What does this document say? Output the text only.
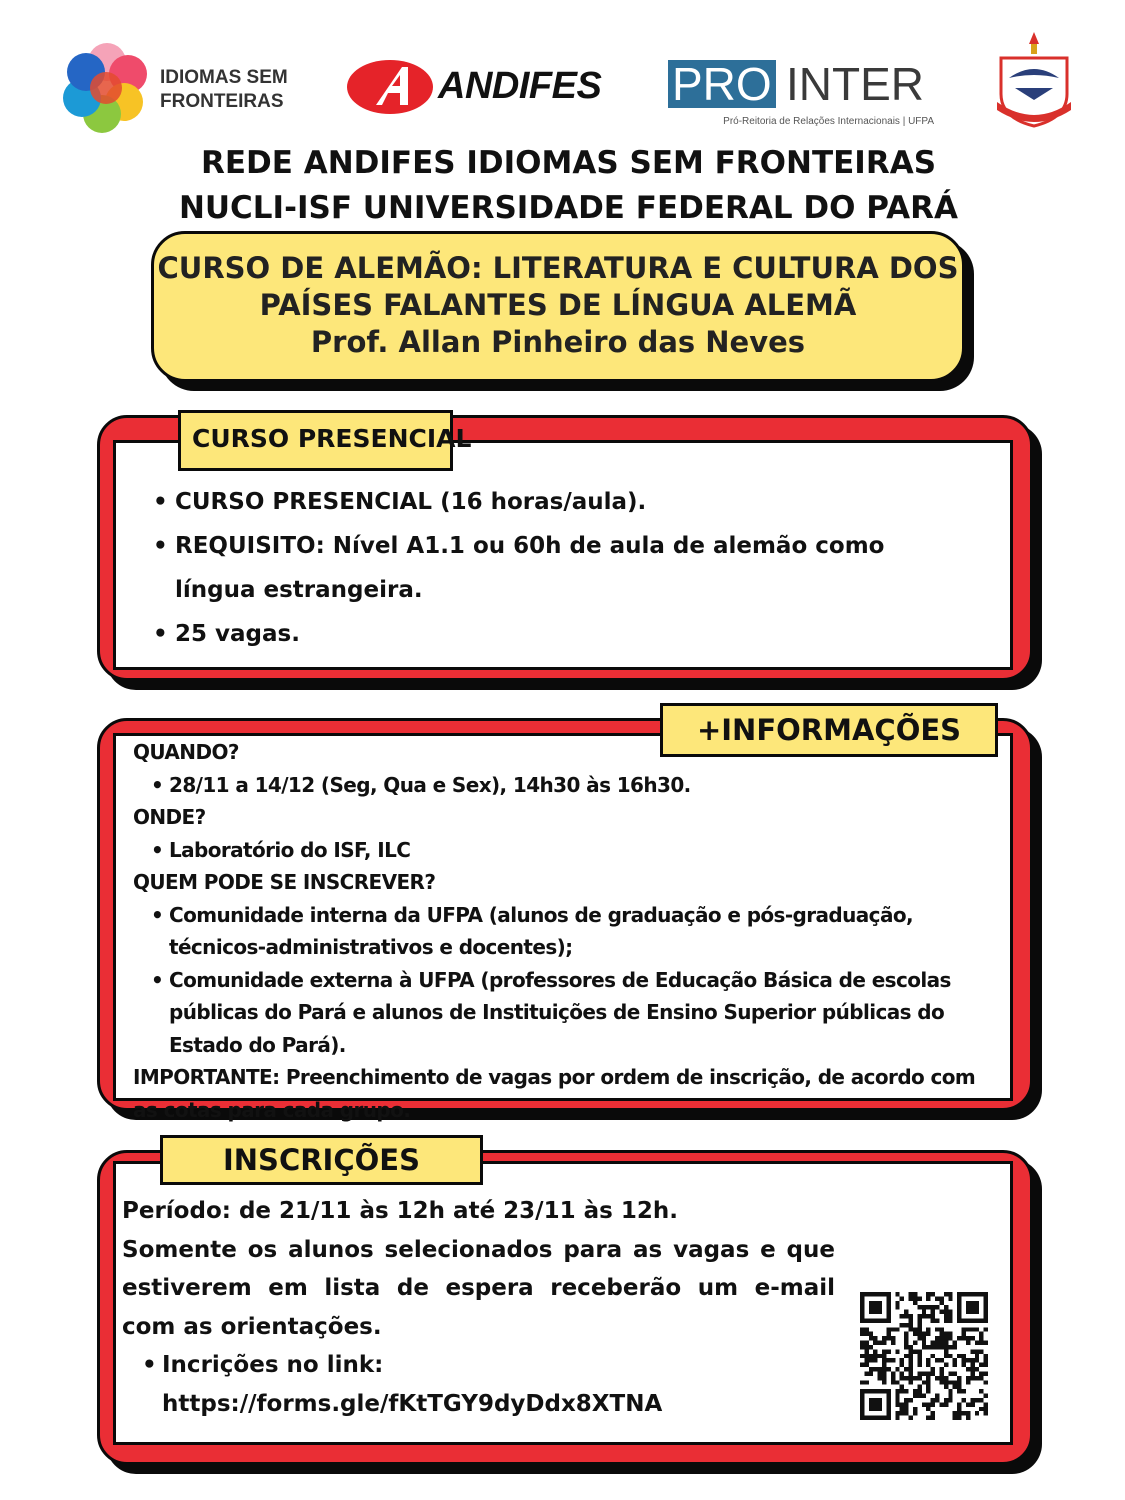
IDIOMAS SEM
FRONTEIRAS	ANDIFES PRO INTER
Pró-Reitoria de Relações Internacionais | UFPA
REDE ANDIFES IDIOMAS SEM FRONTEIRAS
NUCLI-ISF UNIVERSIDADE FEDERAL DO PARÁ
CURSO DE ALEMÃO: LITERATURA E CULTURA DOS
PAÍSES FALANTES DE LÍNGUA ALEMÃ
Prof. Allan Pinheiro das Neves
CURSO PRESENCIAL
• CURSO PRESENCIAL (16 horas/aula).
• REQUISITO: Nível A1.1 ou 60h de aula de alemão como língua estrangeira.
• 25 vagas.
+INFORMAÇÕES
QUANDO?
• 28/11 a 14/12 (Seg, Qua e Sex), 14h30 às 16h30.
ONDE?
• Laboratório do ISF, ILC
QUEM PODE SE INSCREVER?
• Comunidade interna da UFPA (alunos de graduação e pós-graduação, técnicos-administrativos e docentes);
• Comunidade externa à UFPA (professores de Educação Básica de escolas públicas do Pará e alunos de Instituições de Ensino Superior públicas do Estado do Pará).
IMPORTANTE: Preenchimento de vagas por ordem de inscrição, de acordo com as cotas para cada grupo.
INSCRIÇÕES
Período: de 21/11 às 12h até 23/11 às 12h.
Somente os alunos selecionados para as vagas e que estiverem em lista de espera receberão um e-mail com as orientações.
• Incrições no link:
https://forms.gle/fKtTGY9dyDdx8XTNA
